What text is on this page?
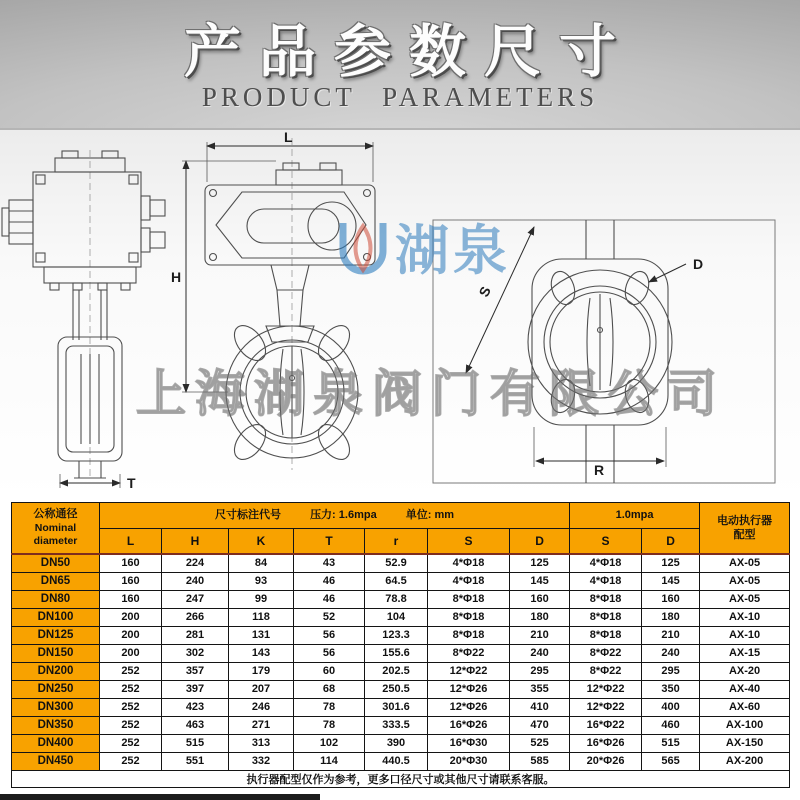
产品参数尺寸
PRODUCT PARAMETERS
T
L
H
D
S
R
湖泉
上海湖泉阀门有限公司
公称通径
Nominal
diameter
	尺寸标注代号	压力: 1.6mpa	单位: mm	1.0mpa	
电动执行器
配型

	L	H	K	T	r	S	D	S	D	
DN50	160	224	84	43	52.9	4*Φ18	125	4*Φ18	125	AX-05
DN65	160	240	93	46	64.5	4*Φ18	145	4*Φ18	145	AX-05
DN80	160	247	99	46	78.8	8*Φ18	160	8*Φ18	160	AX-05
DN100	200	266	118	52	104	8*Φ18	180	8*Φ18	180	AX-10
DN125	200	281	131	56	123.3	8*Φ18	210	8*Φ18	210	AX-10
DN150	200	302	143	56	155.6	8*Φ22	240	8*Φ22	240	AX-15
DN200	252	357	179	60	202.5	12*Φ22	295	8*Φ22	295	AX-20
DN250	252	397	207	68	250.5	12*Φ26	355	12*Φ22	350	AX-40
DN300	252	423	246	78	301.6	12*Φ26	410	12*Φ22	400	AX-60
DN350	252	463	271	78	333.5	16*Φ26	470	16*Φ22	460	AX-100
DN400	252	515	313	102	390	16*Φ30	525	16*Φ26	515	AX-150
DN450	252	551	332	114	440.5	20*Φ30	585	20*Φ26	565	AX-200
执行器配型仅作为参考，更多口径尺寸或其他尺寸请联系客服。										
